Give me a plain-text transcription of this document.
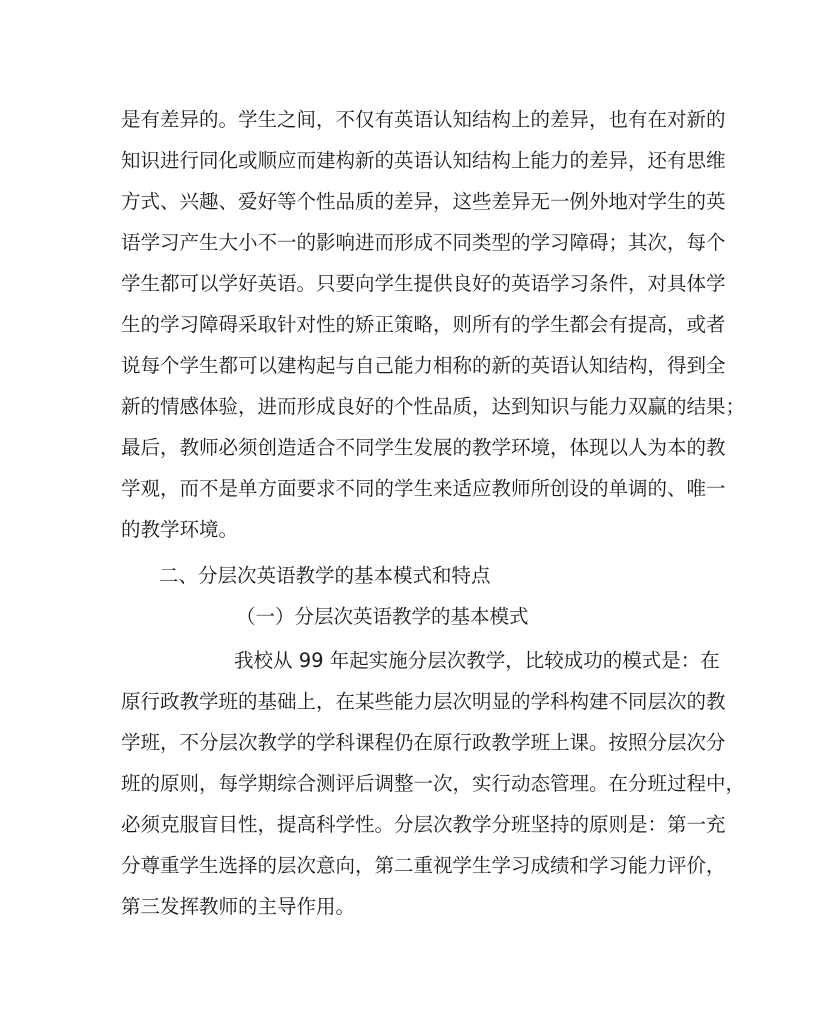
是有差异的。学生之间，不仅有英语认知结构上的差异，也有在对新的
知识进行同化或顺应而建构新的英语认知结构上能力的差异，还有思维
方式、兴趣、爱好等个性品质的差异，这些差异无一例外地对学生的英
语学习产生大小不一的影响进而形成不同类型的学习障碍；其次，每个
学生都可以学好英语。只要向学生提供良好的英语学习条件，对具体学
生的学习障碍采取针对性的矫正策略，则所有的学生都会有提高，或者
说每个学生都可以建构起与自己能力相称的新的英语认知结构，得到全
新的情感体验，进而形成良好的个性品质，达到知识与能力双赢的结果；
最后，教师必须创造适合不同学生发展的教学环境，体现以人为本的教
学观，而不是单方面要求不同的学生来适应教师所创设的单调的、唯一
的教学环境。
二、分层次英语教学的基本模式和特点
（一）分层次英语教学的基本模式
我校从 99 年起实施分层次教学，比较成功的模式是：在
原行政教学班的基础上，在某些能力层次明显的学科构建不同层次的教
学班，不分层次教学的学科课程仍在原行政教学班上课。按照分层次分
班的原则，每学期综合测评后调整一次，实行动态管理。在分班过程中，
必须克服盲目性，提高科学性。分层次教学分班坚持的原则是：第一充
分尊重学生选择的层次意向，第二重视学生学习成绩和学习能力评价，
第三发挥教师的主导作用。
